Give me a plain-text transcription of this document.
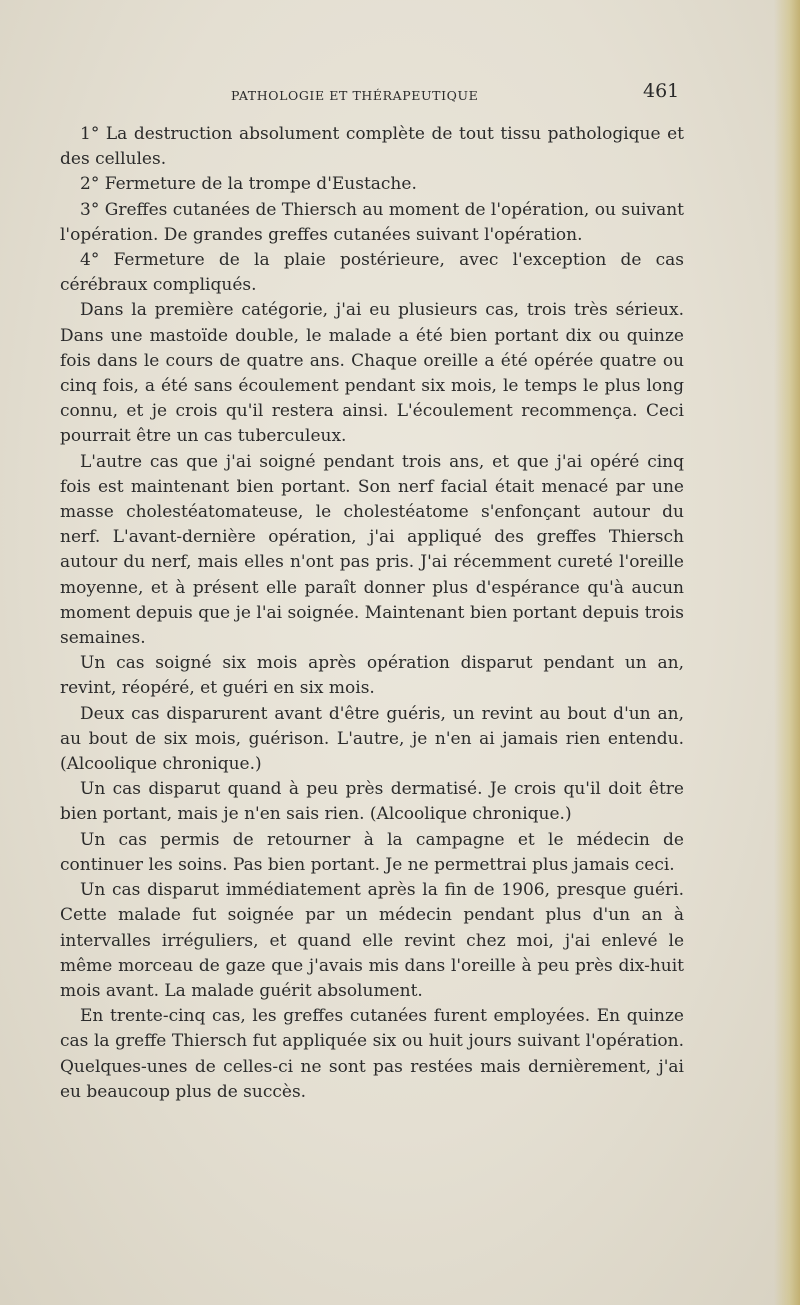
PATHOLOGIE ET THÉRAPEUTIQUE	461

1° La destruction absolument complète de tout tissu pathologique et des cellules.

2° Fermeture de la trompe d'Eustache.

3° Greffes cutanées de Thiersch au moment de l'opération, ou suivant l'opération. De grandes greffes cutanées suivant l'opération.

4° Fermeture de la plaie postérieure, avec l'exception de cas cérébraux compliqués.

Dans la première catégorie, j'ai eu plusieurs cas, trois très sérieux. Dans une mastoïde double, le malade a été bien portant dix ou quinze fois dans le cours de quatre ans. Chaque oreille a été opérée quatre ou cinq fois, a été sans écoulement pendant six mois, le temps le plus long connu, et je crois qu'il restera ainsi. L'écoulement recommença. Ceci pourrait être un cas tuberculeux.

L'autre cas que j'ai soigné pendant trois ans, et que j'ai opéré cinq fois est maintenant bien portant. Son nerf facial était menacé par une masse cholestéatomateuse, le cholestéatome s'enfonçant autour du nerf. L'avant-dernière opération, j'ai appliqué des greffes Thiersch autour du nerf, mais elles n'ont pas pris. J'ai récemment cureté l'oreille moyenne, et à présent elle paraît donner plus d'espérance qu'à aucun moment depuis que je l'ai soignée. Maintenant bien portant depuis trois semaines.

Un cas soigné six mois après opération disparut pendant un an, revint, réopéré, et guéri en six mois.

Deux cas disparurent avant d'être guéris, un revint au bout d'un an, au bout de six mois, guérison. L'autre, je n'en ai jamais rien entendu. (Alcoolique chronique.)

Un cas disparut quand à peu près dermatisé. Je crois qu'il doit être bien portant, mais je n'en sais rien. (Alcoolique chronique.)

Un cas permis de retourner à la campagne et le médecin de continuer les soins. Pas bien portant. Je ne permettrai plus jamais ceci.

Un cas disparut immédiatement après la fin de 1906, presque guéri. Cette malade fut soignée par un médecin pendant plus d'un an à intervalles irréguliers, et quand elle revint chez moi, j'ai enlevé le même morceau de gaze que j'avais mis dans l'oreille à peu près dix-huit mois avant. La malade guérit absolument.

En trente-cinq cas, les greffes cutanées furent employées. En quinze cas la greffe Thiersch fut appliquée six ou huit jours suivant l'opération. Quelques-unes de celles-ci ne sont pas restées mais dernièrement, j'ai eu beaucoup plus de succès.
